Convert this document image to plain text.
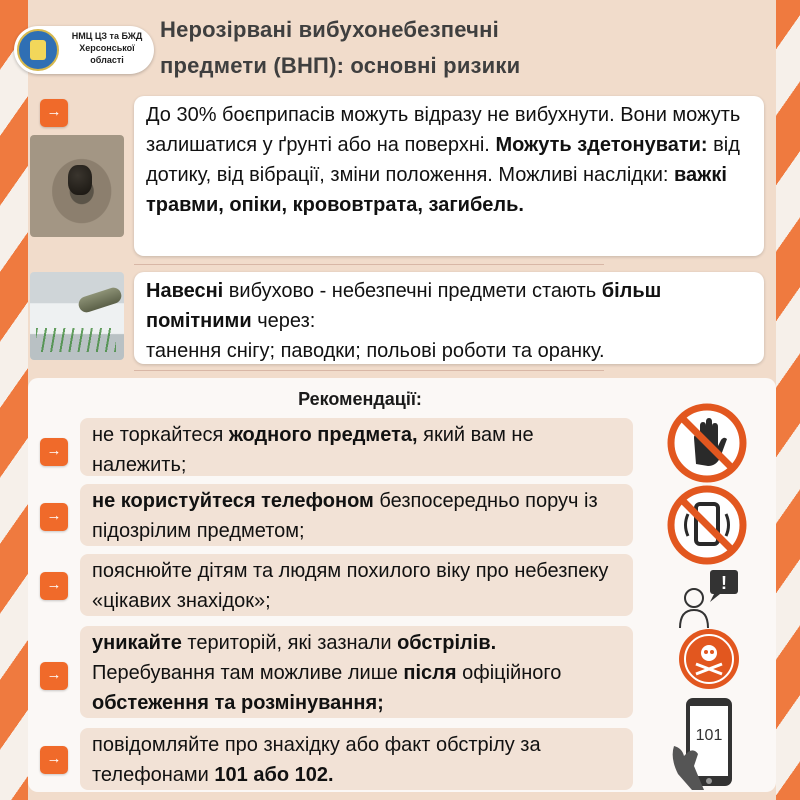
НМЦ ЦЗ та БЖД
Херсонської
області
Нерозірвані вибухонебезпечні
предмети (ВНП): основні ризики
→	До 30% боєприпасів можуть відразу не вибухнути. Вони можуть залишатися у ґрунті або на поверхні. Можуть здетонувати: від дотику, від вібрації, зміни положення. Можливі наслідки: важкі травми, опіки, крововтрата, загибель.
Навесні вибухово - небезпечні предмети стають більш помітними через:
танення снігу; паводки; польові роботи та оранку.
Рекомендації:
→
не торкайтеся жодного предмета, який вам не належить;
→
не користуйтеся телефоном безпосередньо поруч із підозрілим предметом;
→
пояснюйте дітям та людям похилого віку про небезпеку «цікавих знахідок»;
→
уникайте територій, які зазнали обстрілів. Перебування там можливе лише після офіційного обстеження та розмінування;
→
повідомляйте про знахідку або факт обстрілу за телефонами 101 або 102.
!
101
